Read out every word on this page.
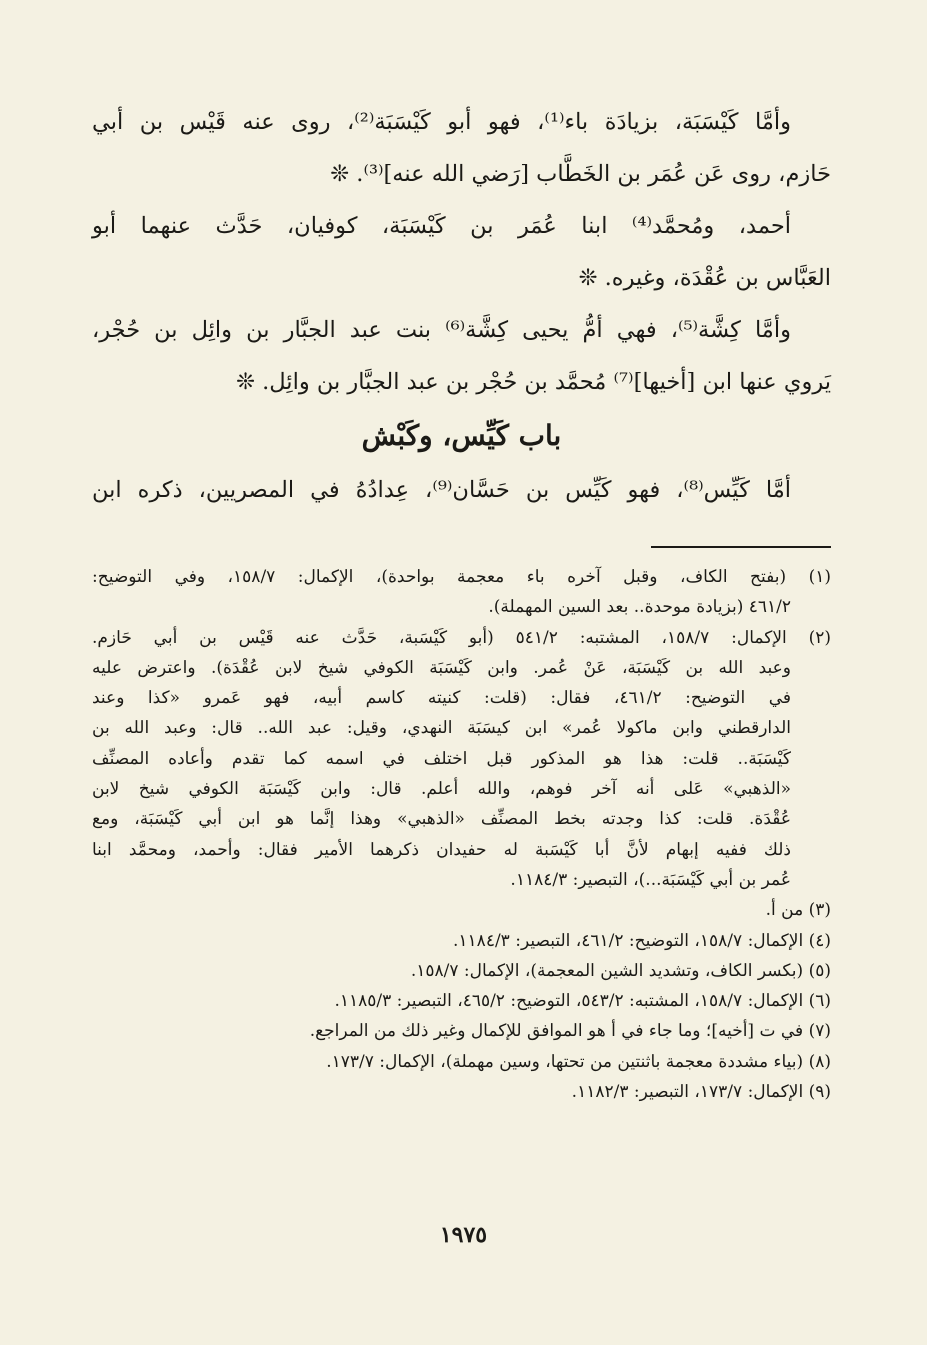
وأمَّا كَيْسَبَة، بزيادَة باء⁽¹⁾، فهو أبو كَيْسَبَة⁽²⁾، روى عنه قَيْس بن أبي
حَازم، روى عَن عُمَر بن الخَطَّاب [رَضي الله عنه]⁽³⁾. ❊
أحمد، ومُحمَّد⁽⁴⁾ ابنا عُمَر بن كَيْسَبَة، كوفيان، حَدَّث عنهما أبو
العَبَّاس بن عُقْدَة، وغيره. ❊
وأمَّا كِشَّة⁽⁵⁾، فهي أمُّ يحيى كِشَّة⁽⁶⁾ بنت عبد الجبَّار بن وائِل بن حُجْر،
يَروي عنها ابن [أخيها]⁽⁷⁾ مُحمَّد بن حُجْر بن عبد الجبَّار بن وائِل. ❊
باب كَيِّس، وكَبْش
أمَّا كَيِّس⁽⁸⁾، فهو كَيِّس بن حَسَّان⁽⁹⁾، عِدادُهُ في المصريين، ذكره ابن
(١) (بفتح الكاف، وقبل آخره باء معجمة بواحدة)، الإكمال: ١٥٨/٧، وفي التوضيح:
٤٦١/٢ (بزيادة موحدة.. بعد السين المهملة).
(٢) الإكمال: ١٥٨/٧، المشتبه: ٥٤١/٢ (أبو كَيْسَبة، حَدَّث عنه قَيْس بن أبي حَازم.
وعبد الله بن كَيْسَبَة، عَنْ عُمر. وابن كَيْسَبَة الكوفي شيخ لابن عُقْدَة). واعترض عليه
في التوضيح: ٤٦١/٢، فقال: (قلت: كنيته كاسم أبيه، فهو عَمرو «كذا وعند
الدارقطني وابن ماكولا عُمر» ابن كيسَبَة النهدي، وقيل: عبد الله.. قال: وعبد الله بن
كَيْسَبَة.. قلت: هذا هو المذكور قبل اختلف في اسمه كما تقدم وأعاده المصنِّف
«الذهبي» عَلى أنه آخر فوهم، والله أعلم. قال: وابن كَيْسَبَة الكوفي شيخ لابن
عُقْدَة. قلت: كذا وجدته بخط المصنِّف «الذهبي» وهذا إنَّما هو ابن أبي كَيْسَبَة، ومع
ذلك ففيه إبهام لأنَّ أبا كَيْسَبة له حفيدان ذكرهما الأمير فقال: وأحمد، ومحمَّد ابنا
عُمر بن أبي كَيْسَبَة...)، التبصير: ١١٨٤/٣.
(٣) من أ.
(٤) الإكمال: ١٥٨/٧، التوضيح: ٤٦١/٢، التبصير: ١١٨٤/٣.
(٥) (بكسر الكاف، وتشديد الشين المعجمة)، الإكمال: ١٥٨/٧.
(٦) الإكمال: ١٥٨/٧، المشتبه: ٥٤٣/٢، التوضيح: ٤٦٥/٢، التبصير: ١١٨٥/٣.
(٧) في ت [أخيه]؛ وما جاء في أ هو الموافق للإكمال وغير ذلك من المراجع.
(٨) (بياء مشددة معجمة باثنتين من تحتها، وسين مهملة)، الإكمال: ١٧٣/٧.
(٩) الإكمال: ١٧٣/٧، التبصير: ١١٨٢/٣.
١٩٧٥
